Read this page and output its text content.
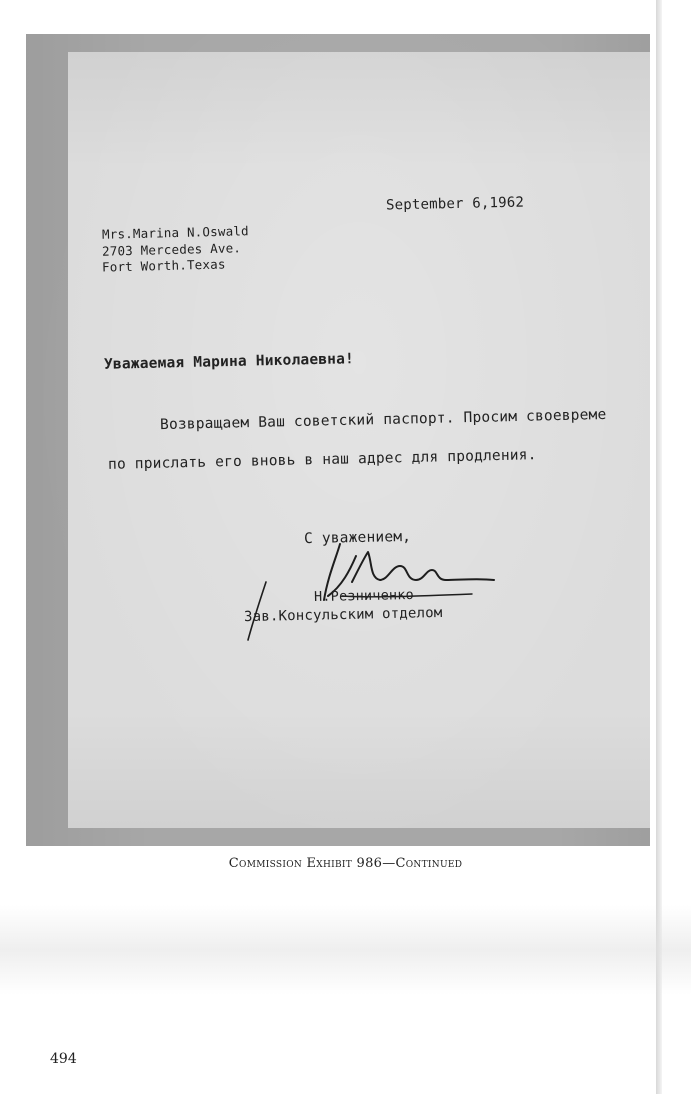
September 6,1962
Mrs.Marina N.Oswald
2703 Mercedes Ave.
Fort Worth.Texas
Уважаемая Марина Николаевна!
Возвращаем Ваш советский паспорт. Просим своевреме
по прислать его вновь в наш адрес для продления.
С уважением,
Н.Резниченко
Зав.Консульским отделом
Commission Exhibit 986—Continued
494
